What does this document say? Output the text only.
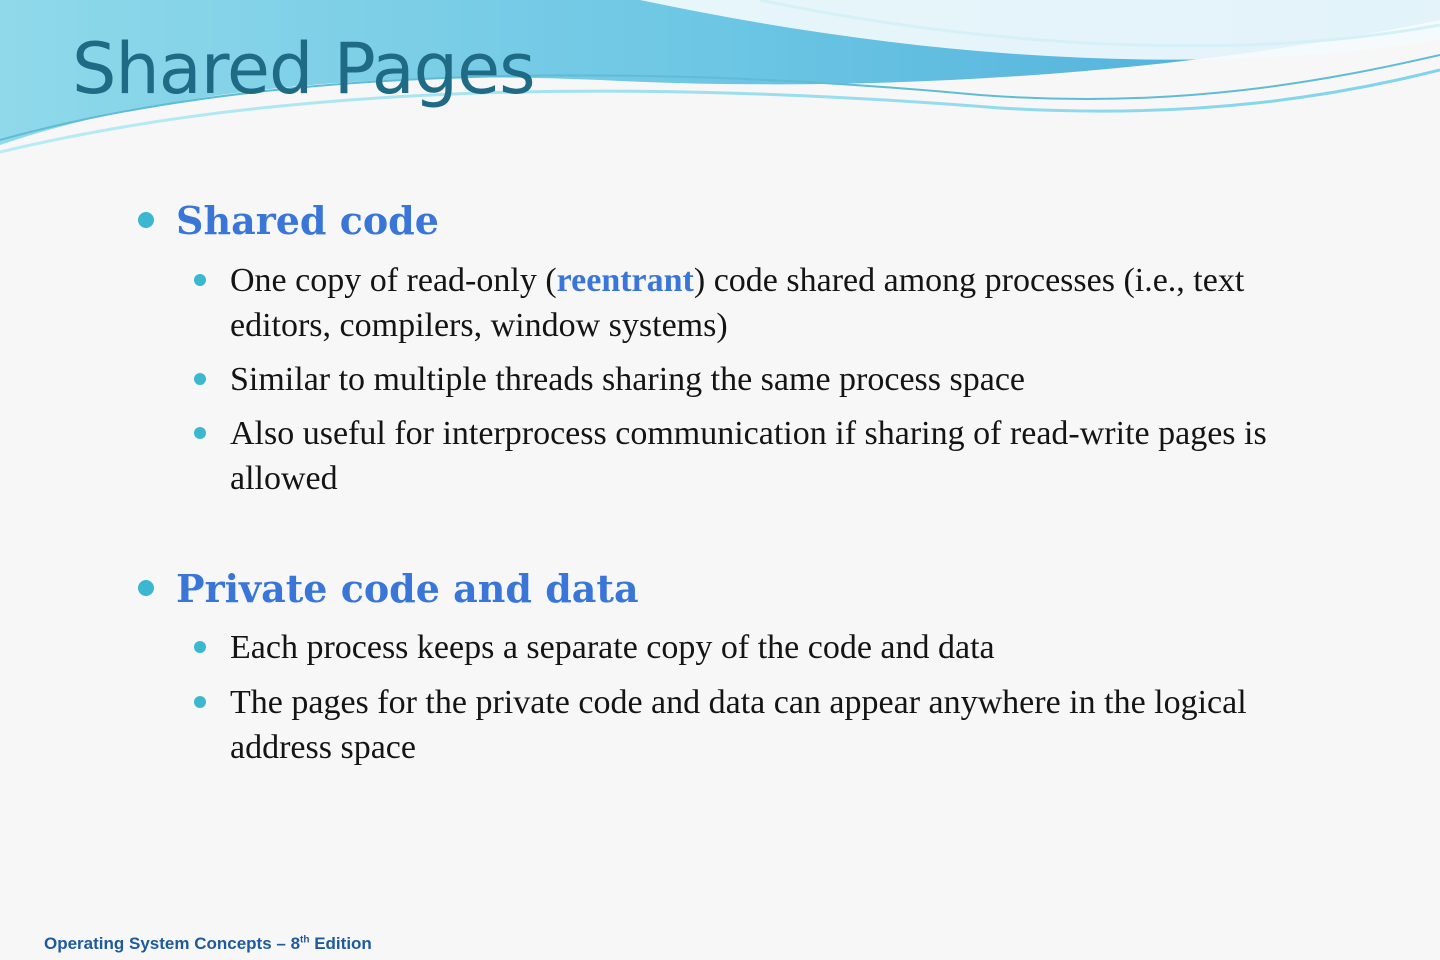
Shared Pages

Shared code

One copy of read-only (reentrant) code shared among processes (i.e., text editors, compilers, window systems)

Similar to multiple threads sharing the same process space

Also useful for interprocess communication if sharing of read-write pages is allowed

Private code and data

Each process keeps a separate copy of the code and data

The pages for the private code and data can appear anywhere in the logical address space

Operating System Concepts – 8th Edition
